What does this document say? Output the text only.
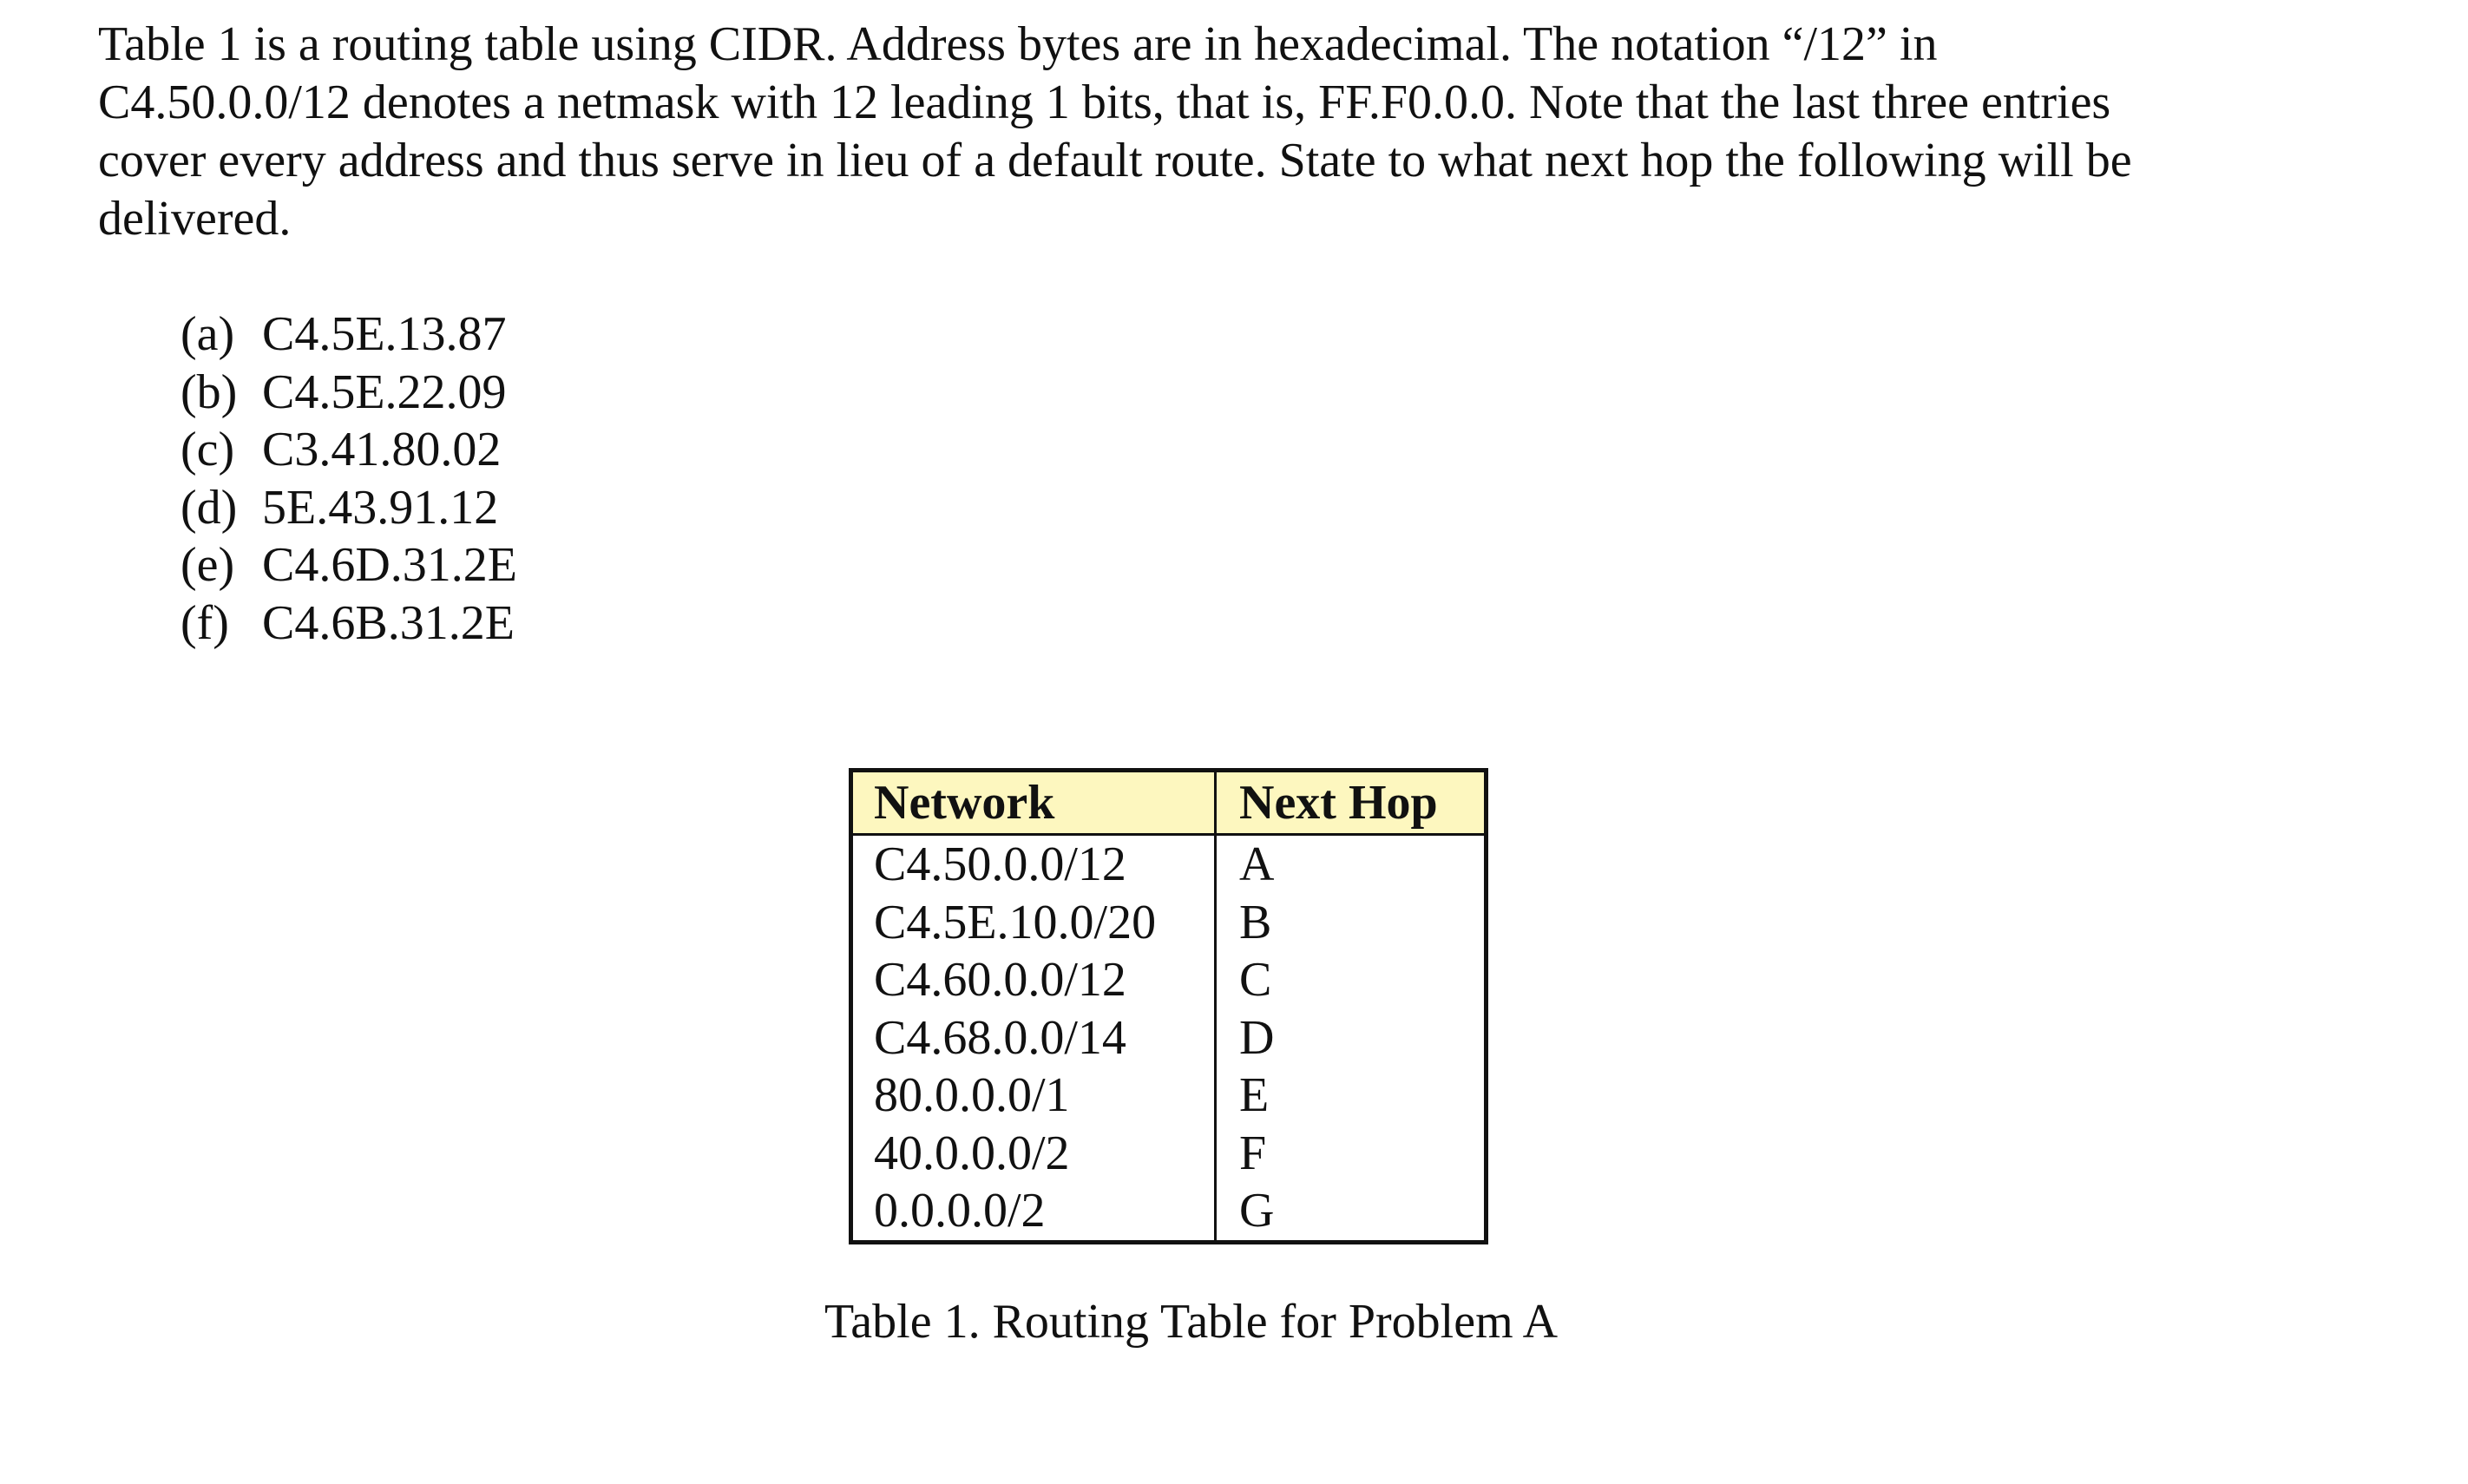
Table 1 is a routing table using CIDR. Address bytes are in hexadecimal. The notation “/12” in
C4.50.0.0/12 denotes a netmask with 12 leading 1 bits, that is, FF.F0.0.0. Note that the last three entries
cover every address and thus serve in lieu of a default route. State to what next hop the following will be
delivered.

(a) C4.5E.13.87
(b) C4.5E.22.09
(c) C3.41.80.02
(d) 5E.43.91.12
(e) C4.6D.31.2E
(f) C4.6B.31.2E
Network	Next Hop
C4.50.0.0/12	A
C4.5E.10.0/20	B
C4.60.0.0/12	C
C4.68.0.0/14	D
80.0.0.0/1	E
40.0.0.0/2	F
0.0.0.0/2	G
Table 1. Routing Table for Problem A
